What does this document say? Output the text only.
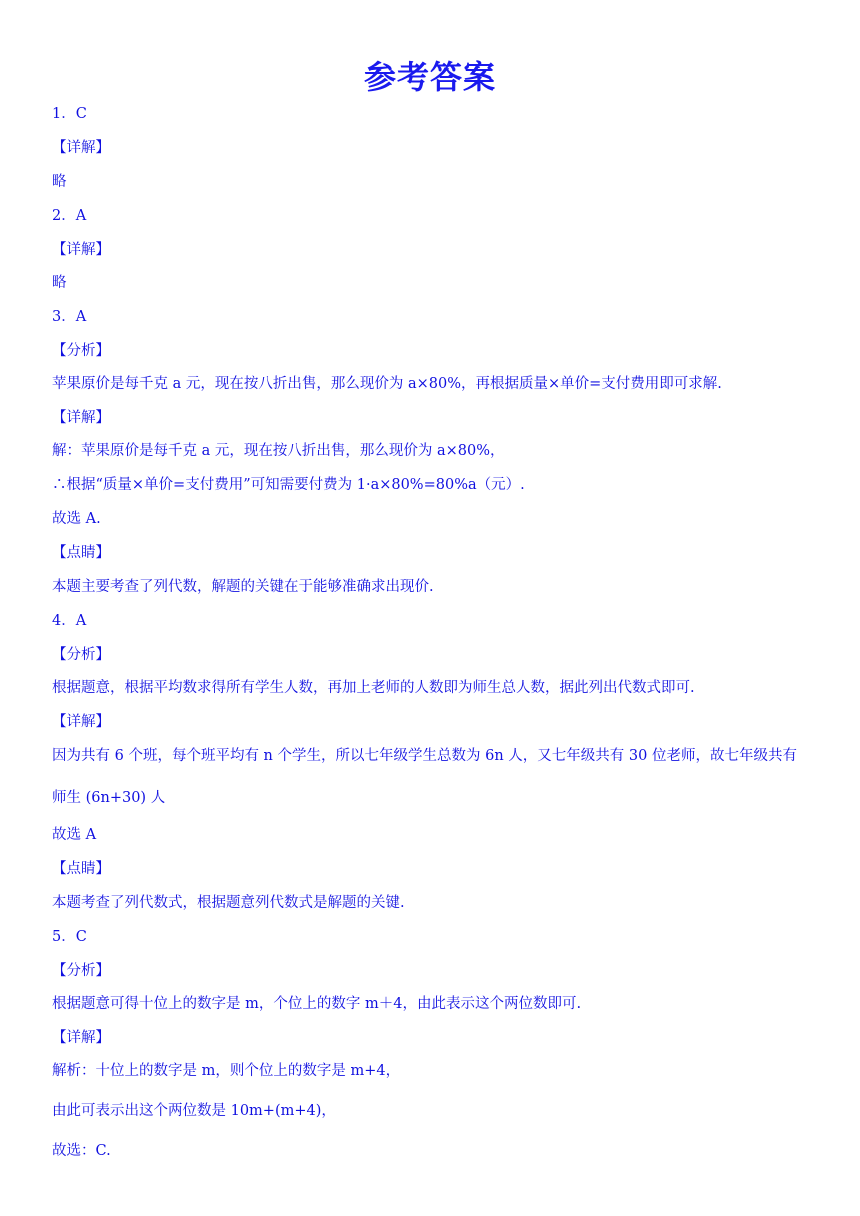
参考答案
1．C
【详解】
略
2．A
【详解】
略
3．A
【分析】
苹果原价是每千克 a 元，现在按八折出售，那么现价为 a×80%，再根据质量×单价=支付费用即可求解.
【详解】
解：苹果原价是每千克 a 元，现在按八折出售，那么现价为 a×80%，
∴根据“质量×单价=支付费用”可知需要付费为 1·a×80%=80%a（元）.
故选 A.
【点睛】
本题主要考查了列代数，解题的关键在于能够准确求出现价.
4．A
【分析】
根据题意，根据平均数求得所有学生人数，再加上老师的人数即为师生总人数，据此列出代数式即可.
【详解】
因为共有 6 个班，每个班平均有 n 个学生，所以七年级学生总数为 6n 人，又七年级共有 30 位老师，故七年级共有
师生 (6n+30) 人
故选 A
【点睛】
本题考查了列代数式，根据题意列代数式是解题的关键.
5．C
【分析】
根据题意可得十位上的数字是 m，个位上的数字 m＋4，由此表示这个两位数即可.
【详解】
解析：十位上的数字是 m，则个位上的数字是 m+4，
由此可表示出这个两位数是 10m+(m+4)，
故选：C.
